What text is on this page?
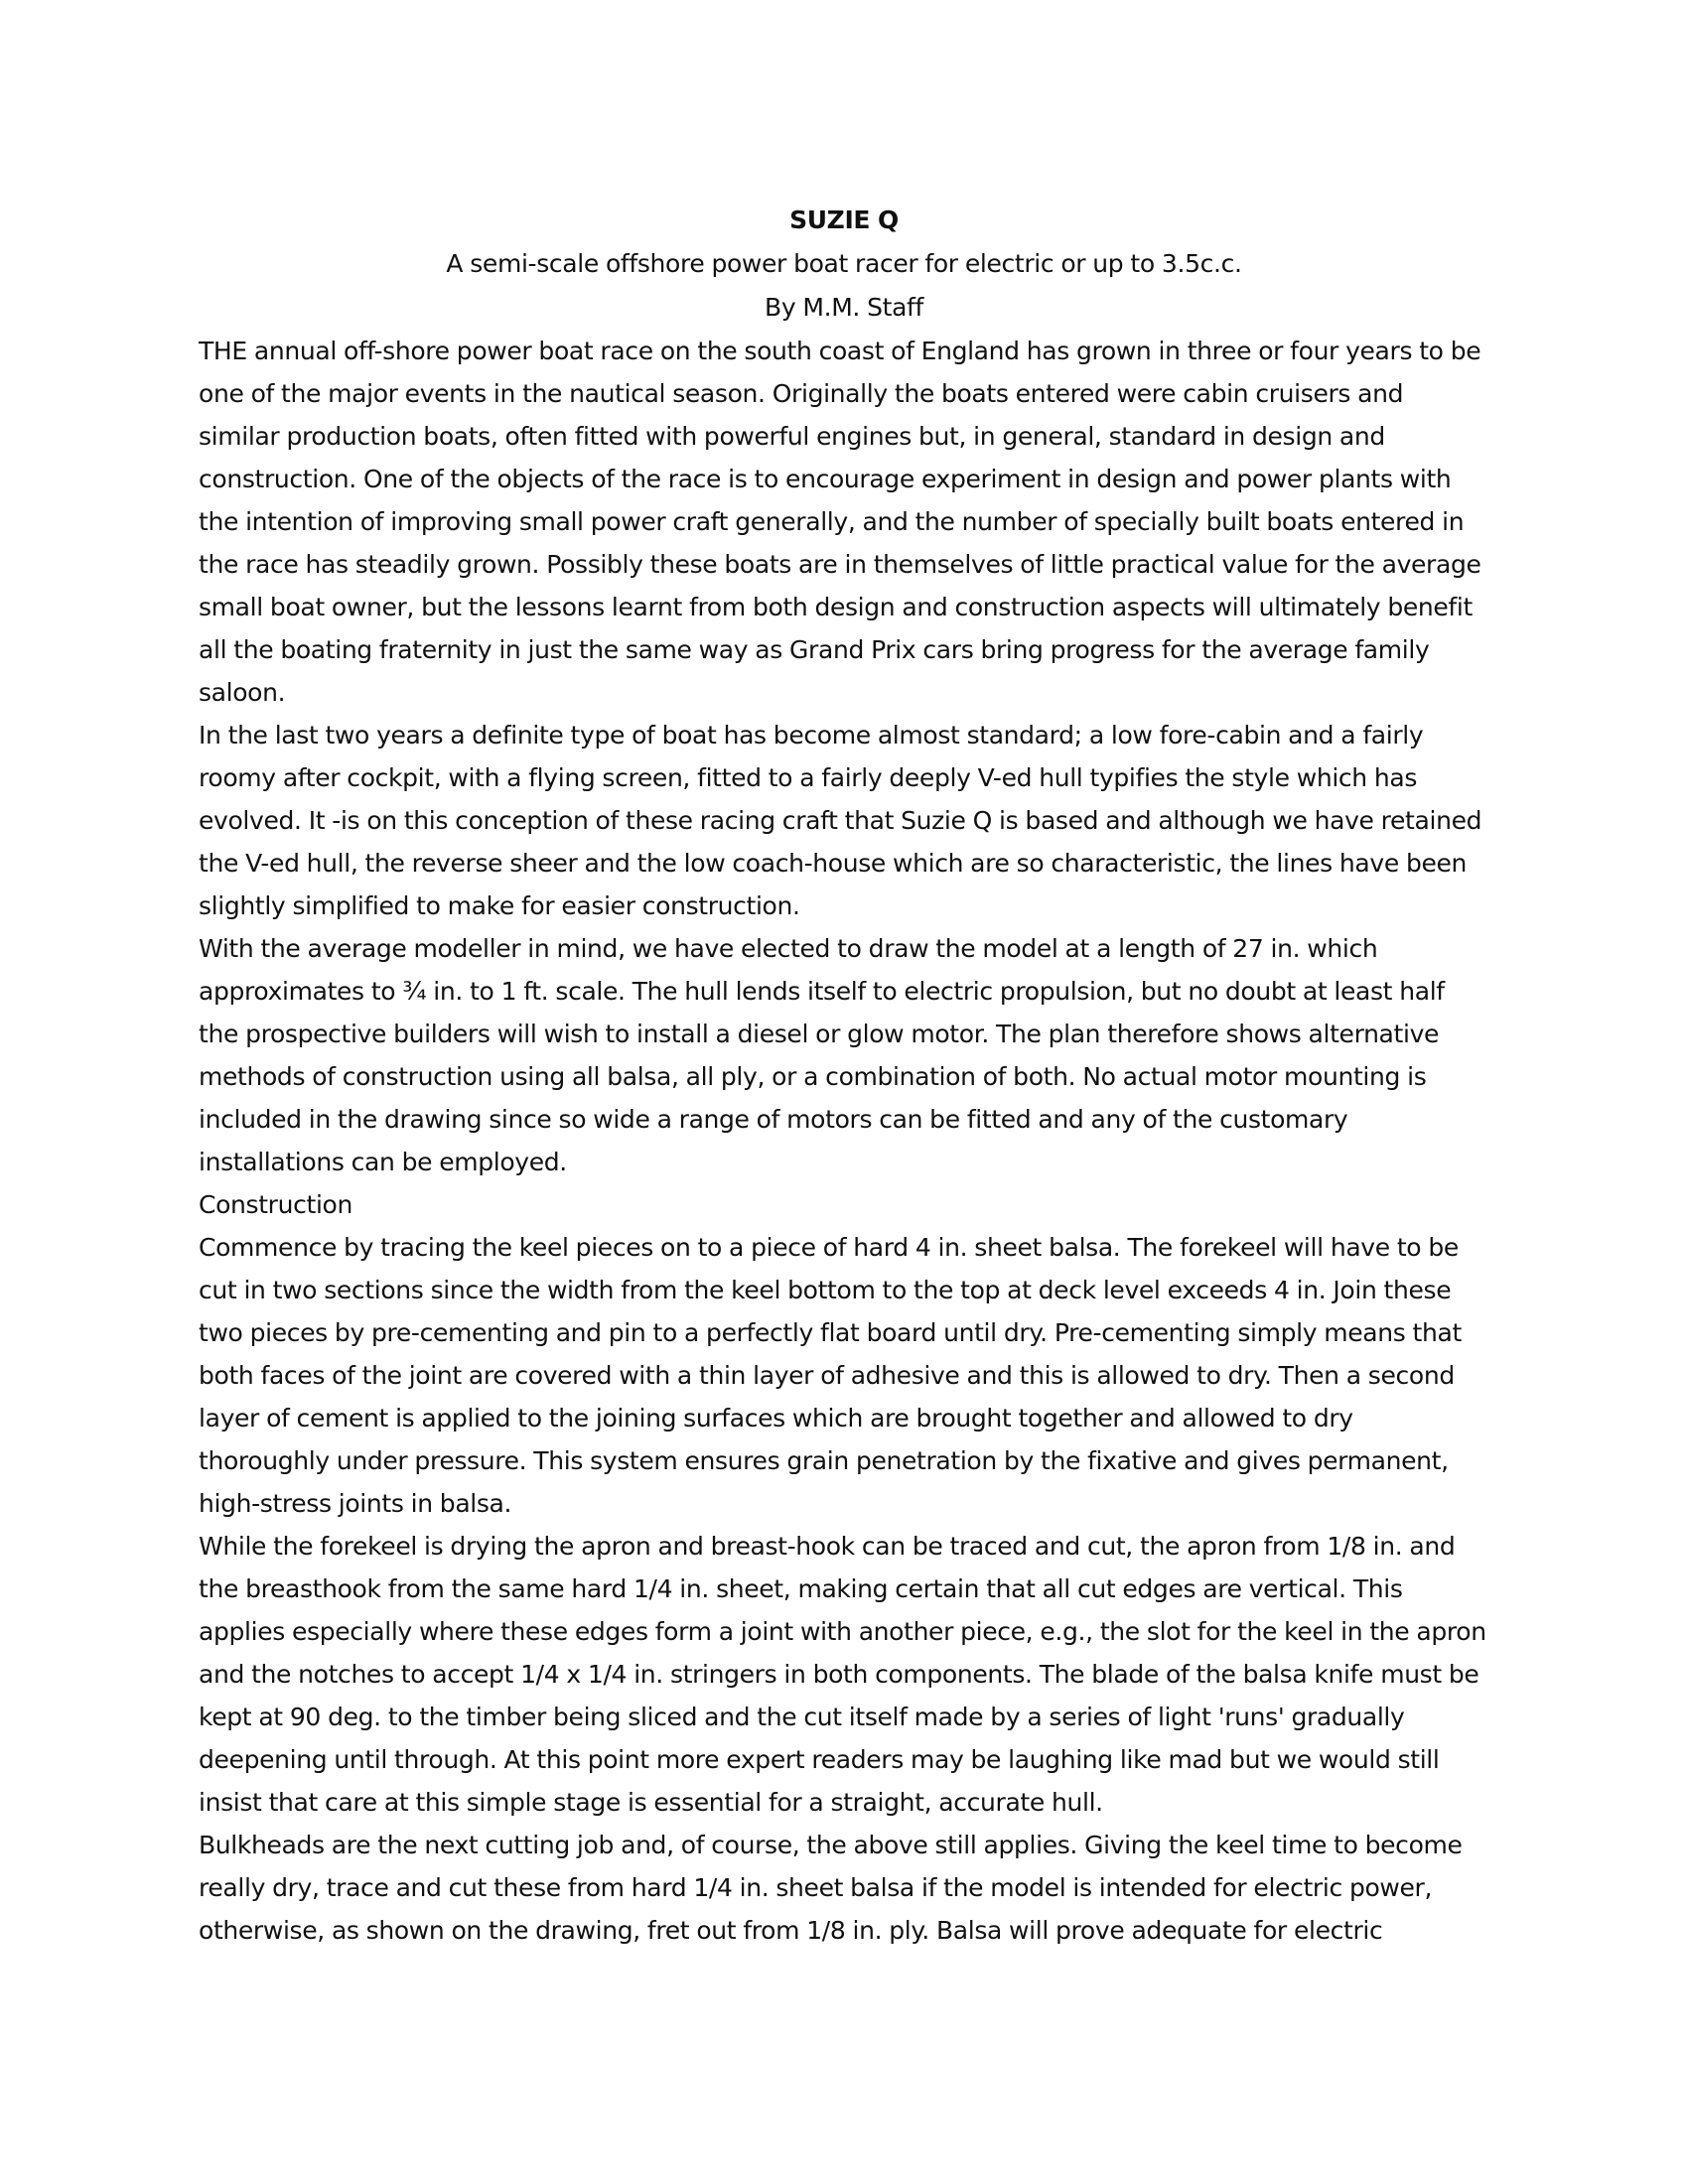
SUZIE Q

A semi-scale offshore power boat racer for electric or up to 3.5c.c.

By M.M. Staff

THE annual off-shore power boat race on the south coast of England has grown in three or four years to be one of the major events in the nautical season. Originally the boats entered were cabin cruisers and similar production boats, often fitted with powerful engines but, in general, standard in design and construction. One of the objects of the race is to encourage experiment in design and power plants with the intention of improving small power craft generally, and the number of specially built boats entered in the race has steadily grown. Possibly these boats are in themselves of little practical value for the average small boat owner, but the lessons learnt from both design and construction aspects will ultimately benefit all the boating fraternity in just the same way as Grand Prix cars bring progress for the average family saloon.

In the last two years a definite type of boat has become almost standard; a low fore-cabin and a fairly roomy after cockpit, with a flying screen, fitted to a fairly deeply V-ed hull typifies the style which has evolved. It -is on this conception of these racing craft that Suzie Q is based and although we have retained the V-ed hull, the reverse sheer and the low coach-house which are so characteristic, the lines have been slightly simplified to make for easier construction.

With the average modeller in mind, we have elected to draw the model at a length of 27 in. which approximates to ¾ in. to 1 ft. scale. The hull lends itself to electric propulsion, but no doubt at least half the prospective builders will wish to install a diesel or glow motor. The plan therefore shows alternative methods of construction using all balsa, all ply, or a combination of both. No actual motor mounting is included in the drawing since so wide a range of motors can be fitted and any of the customary installations can be employed.

Construction

Commence by tracing the keel pieces on to a piece of hard 4 in. sheet balsa. The forekeel will have to be cut in two sections since the width from the keel bottom to the top at deck level exceeds 4 in. Join these two pieces by pre-cementing and pin to a perfectly flat board until dry. Pre-cementing simply means that both faces of the joint are covered with a thin layer of adhesive and this is allowed to dry. Then a second layer of cement is applied to the joining surfaces which are brought together and allowed to dry thoroughly under pressure. This system ensures grain penetration by the fixative and gives permanent, high-stress joints in balsa.

While the forekeel is drying the apron and breast-hook can be traced and cut, the apron from 1/8 in. and the breasthook from the same hard 1/4 in. sheet, making certain that all cut edges are vertical. This applies especially where these edges form a joint with another piece, e.g., the slot for the keel in the apron and the notches to accept 1/4 x 1/4 in. stringers in both components. The blade of the balsa knife must be kept at 90 deg. to the timber being sliced and the cut itself made by a series of light 'runs' gradually deepening until through. At this point more expert readers may be laughing like mad but we would still insist that care at this simple stage is essential for a straight, accurate hull.

Bulkheads are the next cutting job and, of course, the above still applies. Giving the keel time to become really dry, trace and cut these from hard 1/4 in. sheet balsa if the model is intended for electric power, otherwise, as shown on the drawing, fret out from 1/8 in. ply. Balsa will prove adequate for electric
